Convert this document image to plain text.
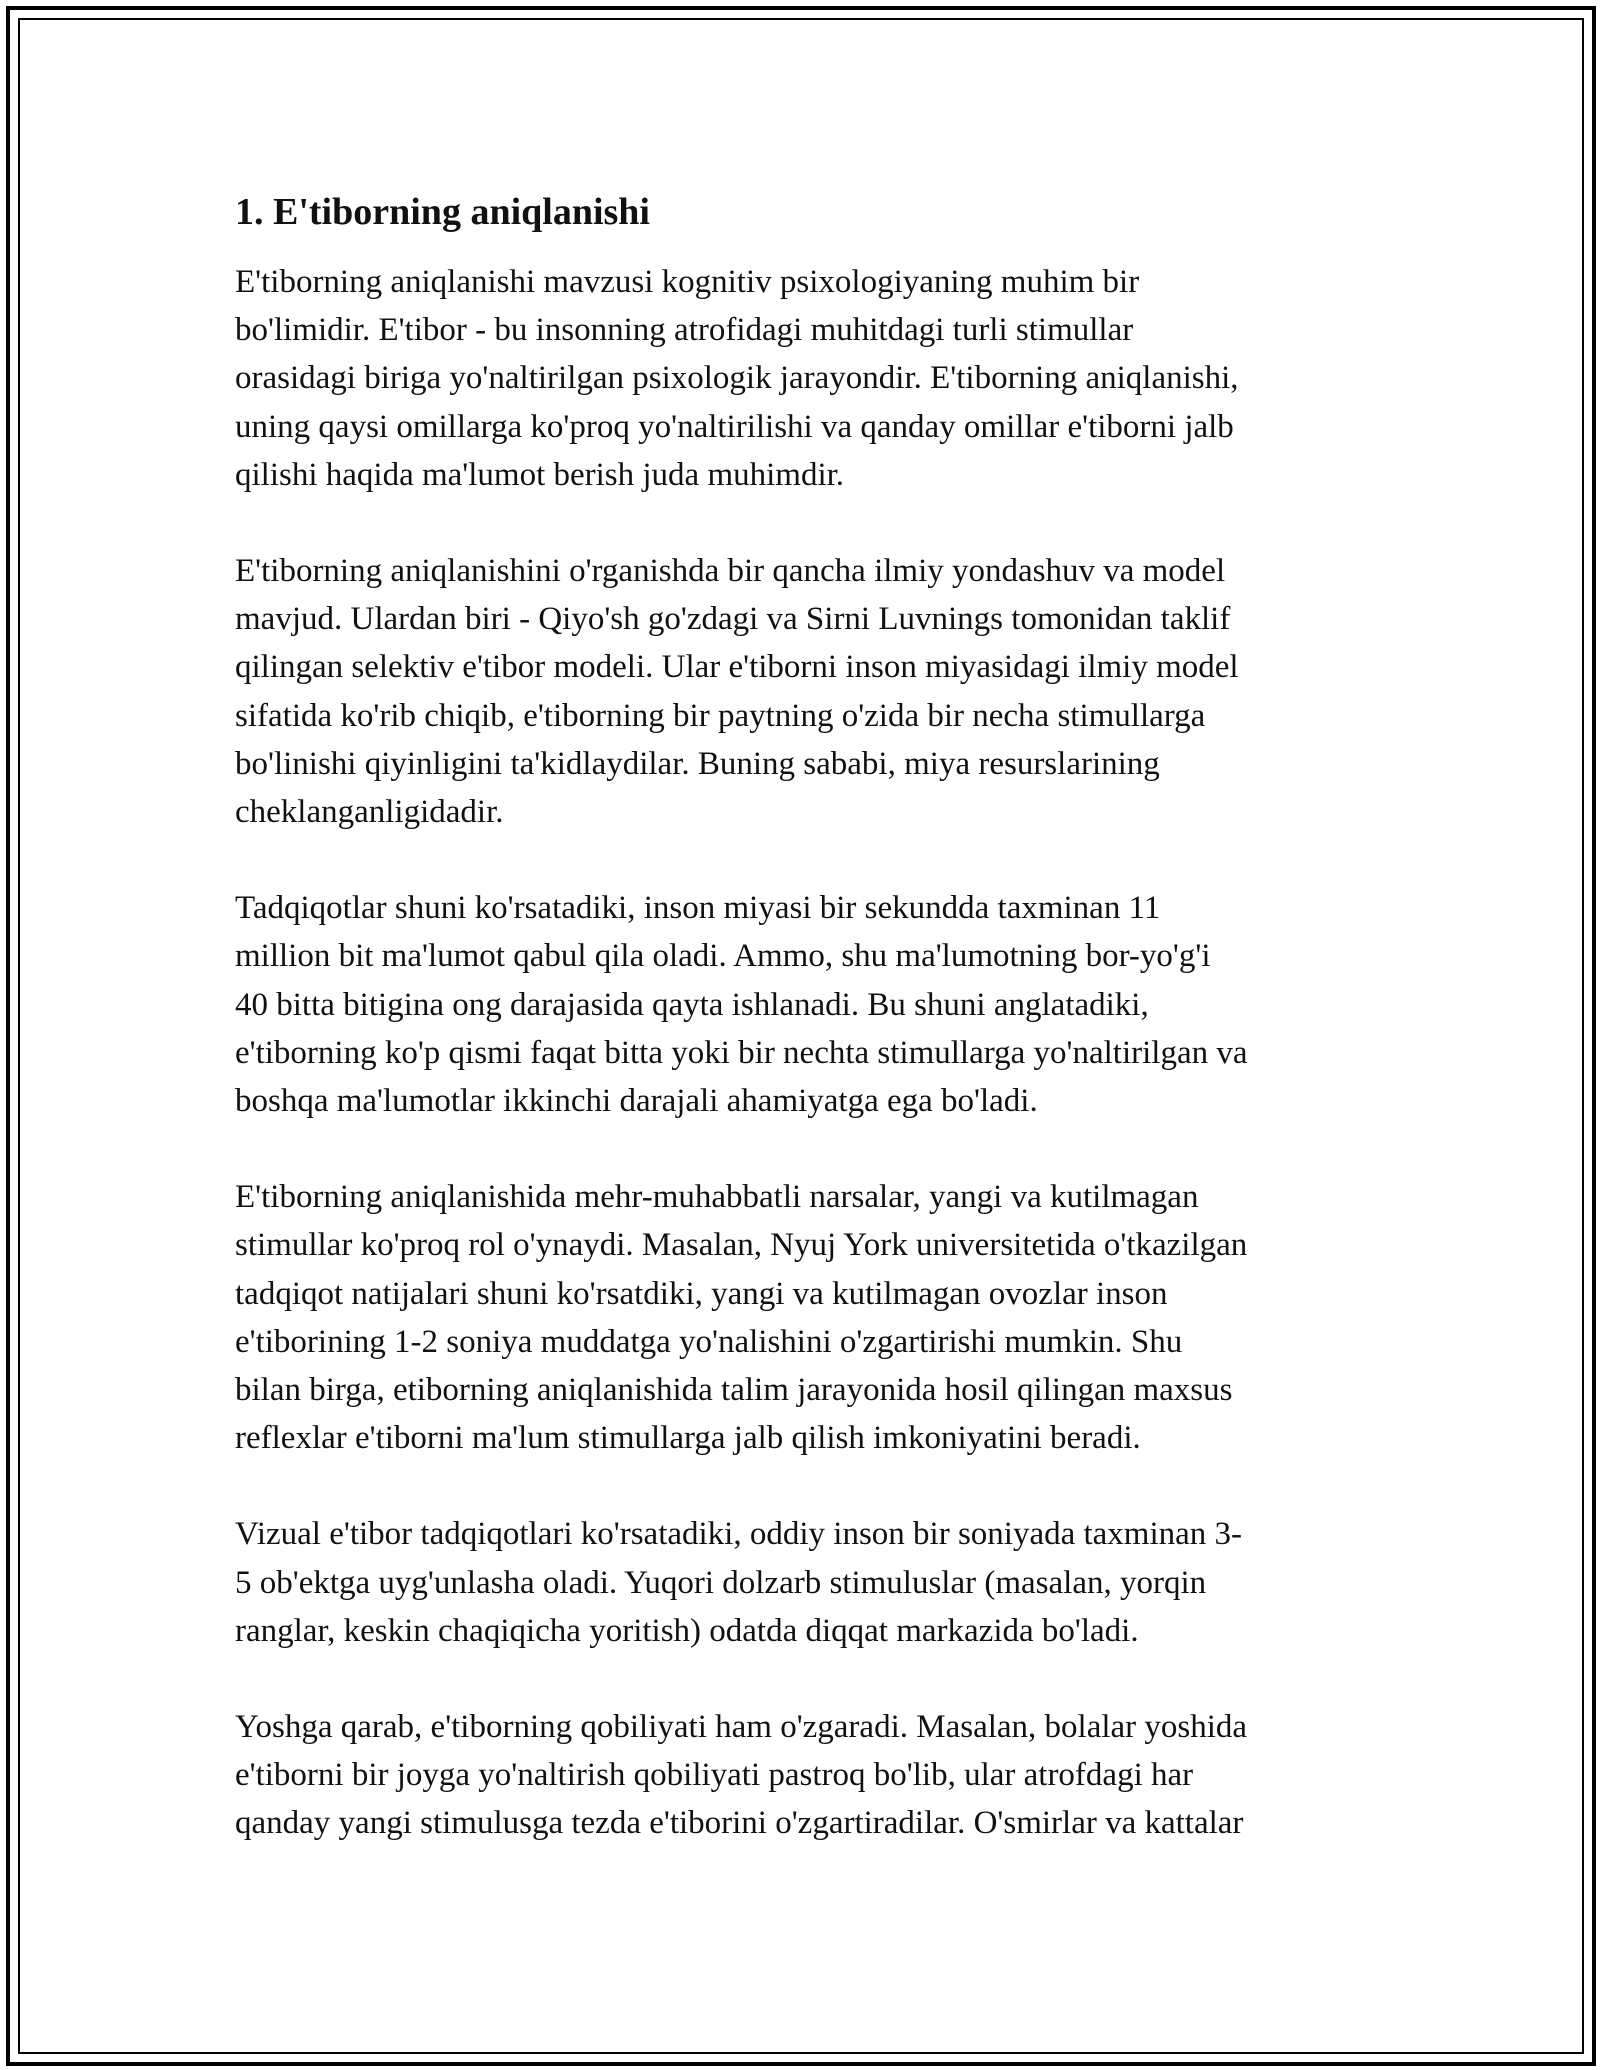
1. E'tiborning aniqlanishi
E'tiborning aniqlanishi mavzusi kognitiv psixologiyaning muhim bir
bo'limidir. E'tibor - bu insonning atrofidagi muhitdagi turli stimullar
orasidagi biriga yo'naltirilgan psixologik jarayondir. E'tiborning aniqlanishi,
uning qaysi omillarga ko'proq yo'naltirilishi va qanday omillar e'tiborni jalb
qilishi haqida ma'lumot berish juda muhimdir.
E'tiborning aniqlanishini o'rganishda bir qancha ilmiy yondashuv va model
mavjud. Ulardan biri - Qiyo'sh go'zdagi va Sirni Luvnings tomonidan taklif
qilingan selektiv e'tibor modeli. Ular e'tiborni inson miyasidagi ilmiy model
sifatida ko'rib chiqib, e'tiborning bir paytning o'zida bir necha stimullarga
bo'linishi qiyinligini ta'kidlaydilar. Buning sababi, miya resurslarining
cheklanganligidadir.
Tadqiqotlar shuni ko'rsatadiki, inson miyasi bir sekundda taxminan 11
million bit ma'lumot qabul qila oladi. Ammo, shu ma'lumotning bor-yo'g'i
40 bitta bitigina ong darajasida qayta ishlanadi. Bu shuni anglatadiki,
e'tiborning ko'p qismi faqat bitta yoki bir nechta stimullarga yo'naltirilgan va
boshqa ma'lumotlar ikkinchi darajali ahamiyatga ega bo'ladi.
E'tiborning aniqlanishida mehr-muhabbatli narsalar, yangi va kutilmagan
stimullar ko'proq rol o'ynaydi. Masalan, Nyuj York universitetida o'tkazilgan
tadqiqot natijalari shuni ko'rsatdiki, yangi va kutilmagan ovozlar inson
e'tiborining 1-2 soniya muddatga yo'nalishini o'zgartirishi mumkin. Shu
bilan birga, etiborning aniqlanishida talim jarayonida hosil qilingan maxsus
reflexlar e'tiborni ma'lum stimullarga jalb qilish imkoniyatini beradi.
Vizual e'tibor tadqiqotlari ko'rsatadiki, oddiy inson bir soniyada taxminan 3-
5 ob'ektga uyg'unlasha oladi. Yuqori dolzarb stimuluslar (masalan, yorqin
ranglar, keskin chaqiqicha yoritish) odatda diqqat markazida bo'ladi.
Yoshga qarab, e'tiborning qobiliyati ham o'zgaradi. Masalan, bolalar yoshida
e'tiborni bir joyga yo'naltirish qobiliyati pastroq bo'lib, ular atrofdagi har
qanday yangi stimulusga tezda e'tiborini o'zgartiradilar. O'smirlar va kattalar
